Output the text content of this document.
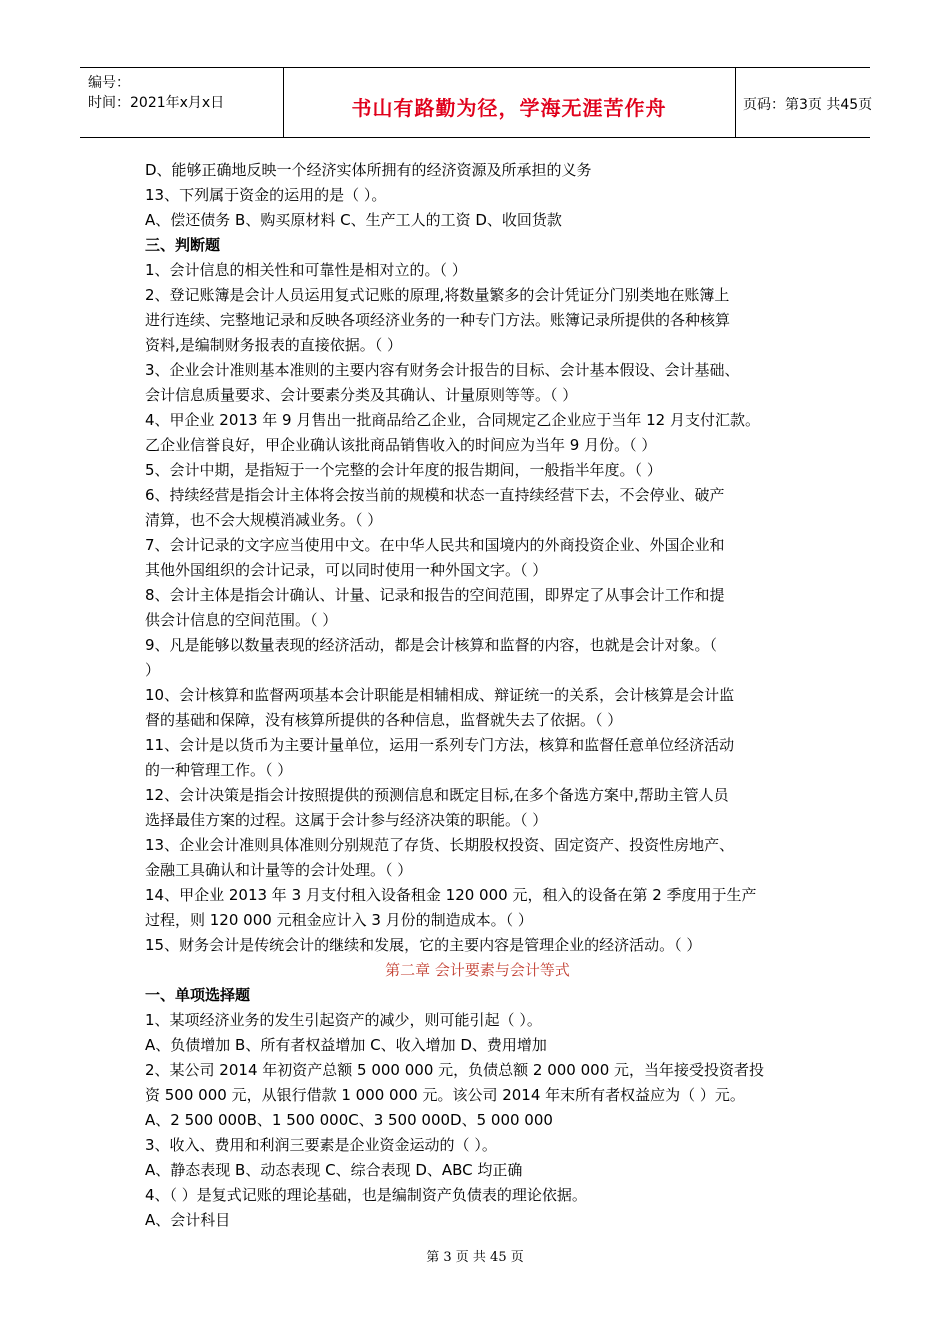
编号：
时间：2021年x月x日	书山有路勤为径，学海无涯苦作舟	页码：第3页 共45页
D、能够正确地反映一个经济实体所拥有的经济资源及所承担的义务
13、下列属于资金的运用的是（ ）。
A、偿还债务 B、购买原材料 C、生产工人的工资 D、收回货款
三、判断题
1、会计信息的相关性和可靠性是相对立的。（ ）
2、登记账簿是会计人员运用复式记账的原理,将数量繁多的会计凭证分门别类地在账簿上
进行连续、完整地记录和反映各项经济业务的一种专门方法。账簿记录所提供的各种核算
资料,是编制财务报表的直接依据。（ ）
3、企业会计准则基本准则的主要内容有财务会计报告的目标、会计基本假设、会计基础、
会计信息质量要求、会计要素分类及其确认、计量原则等等。（ ）
4、甲企业 2013 年 9 月售出一批商品给乙企业，合同规定乙企业应于当年 12 月支付汇款。
乙企业信誉良好，甲企业确认该批商品销售收入的时间应为当年 9 月份。（ ）
5、会计中期，是指短于一个完整的会计年度的报告期间，一般指半年度。（ ）
6、持续经营是指会计主体将会按当前的规模和状态一直持续经营下去，不会停业、破产
清算，也不会大规模消减业务。（ ）
7、会计记录的文字应当使用中文。在中华人民共和国境内的外商投资企业、外国企业和
其他外国组织的会计记录，可以同时使用一种外国文字。（ ）
8、会计主体是指会计确认、计量、记录和报告的空间范围，即界定了从事会计工作和提
供会计信息的空间范围。（ ）
9、凡是能够以数量表现的经济活动，都是会计核算和监督的内容，也就是会计对象。（
）
10、会计核算和监督两项基本会计职能是相辅相成、辩证统一的关系，会计核算是会计监
督的基础和保障，没有核算所提供的各种信息，监督就失去了依据。（ ）
11、会计是以货币为主要计量单位，运用一系列专门方法，核算和监督任意单位经济活动
的一种管理工作。（ ）
12、会计决策是指会计按照提供的预测信息和既定目标,在多个备选方案中,帮助主管人员
选择最佳方案的过程。这属于会计参与经济决策的职能。（ ）
13、企业会计准则具体准则分别规范了存货、长期股权投资、固定资产、投资性房地产、
金融工具确认和计量等的会计处理。（ ）
14、甲企业 2013 年 3 月支付租入设备租金 120 000 元，租入的设备在第 2 季度用于生产
过程，则 120 000 元租金应计入 3 月份的制造成本。（ ）
15、财务会计是传统会计的继续和发展，它的主要内容是管理企业的经济活动。（ ）
第二章 会计要素与会计等式
一、单项选择题
1、某项经济业务的发生引起资产的减少，则可能引起（ ）。
A、负债增加 B、所有者权益增加 C、收入增加 D、费用增加
2、某公司 2014 年初资产总额 5 000 000 元，负债总额 2 000 000 元，当年接受投资者投
资 500 000 元，从银行借款 1 000 000 元。该公司 2014 年末所有者权益应为（ ）元。
A、2 500 000B、1 500 000C、3 500 000D、5 000 000
3、收入、费用和利润三要素是企业资金运动的（ ）。
A、静态表现 B、动态表现 C、综合表现 D、ABC 均正确
4、（ ）是复式记账的理论基础，也是编制资产负债表的理论依据。
A、会计科目
第 3 页 共 45 页
